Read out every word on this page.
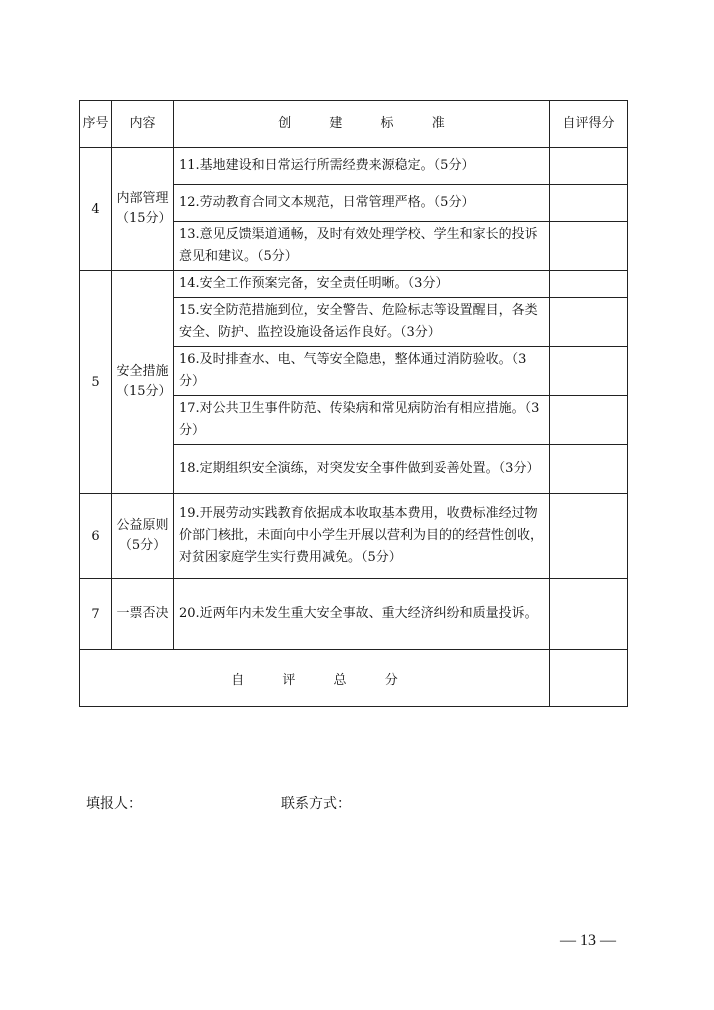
序号	内容	创 建 标 准	自评得分
4	内部管理（15分）	11.基地建设和日常运行所需经费来源稳定。（5分）	
		12.劳动教育合同文本规范，日常管理严格。（5分）	
		13.意见反馈渠道通畅，及时有效处理学校、学生和家长的投诉意见和建议。（5分）	
5	安全措施（15分）	14.安全工作预案完备，安全责任明晰。（3分）	
		15.安全防范措施到位，安全警告、危险标志等设置醒目，各类安全、防护、监控设施设备运作良好。（3分）	
		16.及时排查水、电、气等安全隐患，整体通过消防验收。（3分）	
		17.对公共卫生事件防范、传染病和常见病防治有相应措施。（3分）	
		18.定期组织安全演练，对突发安全事件做到妥善处置。（3分）	
6	公益原则（5分）	19.开展劳动实践教育依据成本收取基本费用，收费标准经过物价部门核批，未面向中小学生开展以营利为目的的经营性创收，对贫困家庭学生实行费用减免。（5分）	
7	一票否决	20.近两年内未发生重大安全事故、重大经济纠纷和质量投诉。	
自 评 总 分			
填报人：	联系方式：
— 13 —
